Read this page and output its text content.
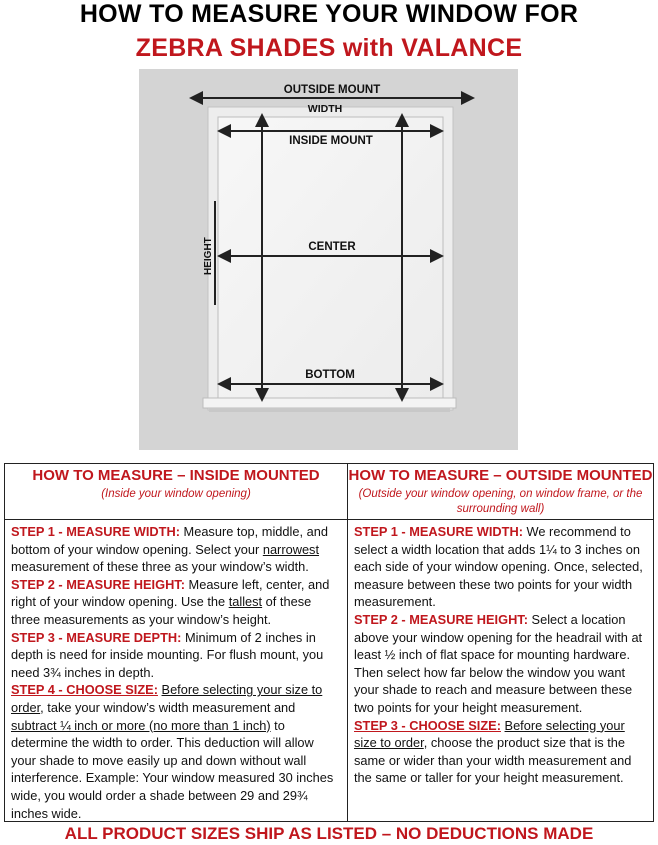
HOW TO MEASURE YOUR WINDOW FOR
ZEBRA SHADES with VALANCE
OUTSIDE MOUNT
WIDTH
INSIDE MOUNT
CENTER
BOTTOM
HEIGHT
HOW TO MEASURE – INSIDE MOUNTED
(Inside your window opening)

STEP 1 - MEASURE WIDTH: Measure top, middle, and bottom of your window opening. Select your narrowest measurement of these three as your window’s width.

STEP 2 - MEASURE HEIGHT: Measure left, center, and right of your window opening. Use the tallest of these three measurements as your window’s height.

STEP 3 - MEASURE DEPTH: Minimum of 2 inches in depth is need for inside mounting. For flush mount, you need 3¾ inches in depth.

STEP 4 - CHOOSE SIZE: Before selecting your size to order, take your window’s width measurement and subtract ¼ inch or more (no more than 1 inch) to determine the width to order. This deduction will allow your shade to move easily up and down without wall interference. Example: Your window measured 30 inches wide, you would order a shade between 29 and 29¾ inches wide.

HOW TO MEASURE – OUTSIDE MOUNTED
(Outside your window opening, on window frame, or the surrounding wall)

STEP 1 - MEASURE WIDTH: We recommend to select a width location that adds 1¼ to 3 inches on each side of your window opening. Once, selected, measure between these two points for your width measurement.

STEP 2 - MEASURE HEIGHT: Select a location above your window opening for the headrail with at least ½ inch of flat space for mounting hardware. Then select how far below the window you want your shade to reach and measure between these two points for your height measurement.

STEP 3 - CHOOSE SIZE: Before selecting your size to order, choose the product size that is the same or wider than your width measurement and the same or taller for your height measurement.

ALL PRODUCT SIZES SHIP AS LISTED – NO DEDUCTIONS MADE
